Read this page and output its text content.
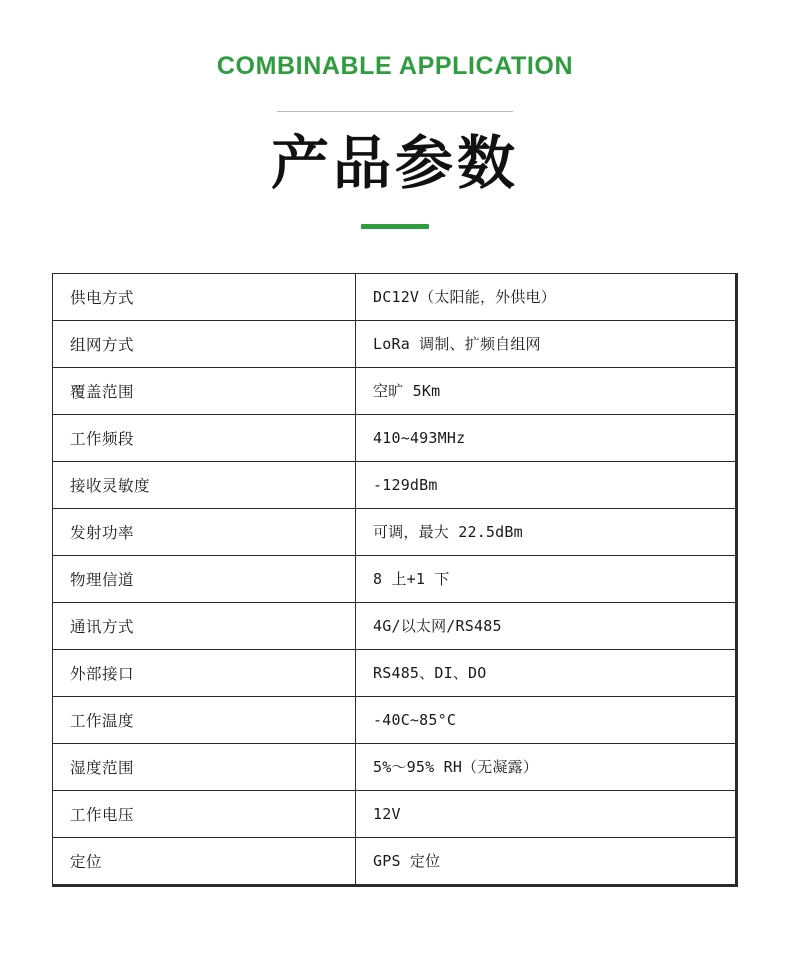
COMBINABLE APPLICATION
产品参数
供电方式	DC12V（太阳能，外供电）
组网方式	LoRa 调制、扩频自组网
覆盖范围	空旷 5Km
工作频段	410~493MHz
接收灵敏度	-129dBm
发射功率	可调，最大 22.5dBm
物理信道	8 上+1 下
通讯方式	4G/以太网/RS485
外部接口	RS485、DI、DO
工作温度	-40C~85°C
湿度范围	5%～95% RH（无凝露）
工作电压	12V
定位	GPS 定位
